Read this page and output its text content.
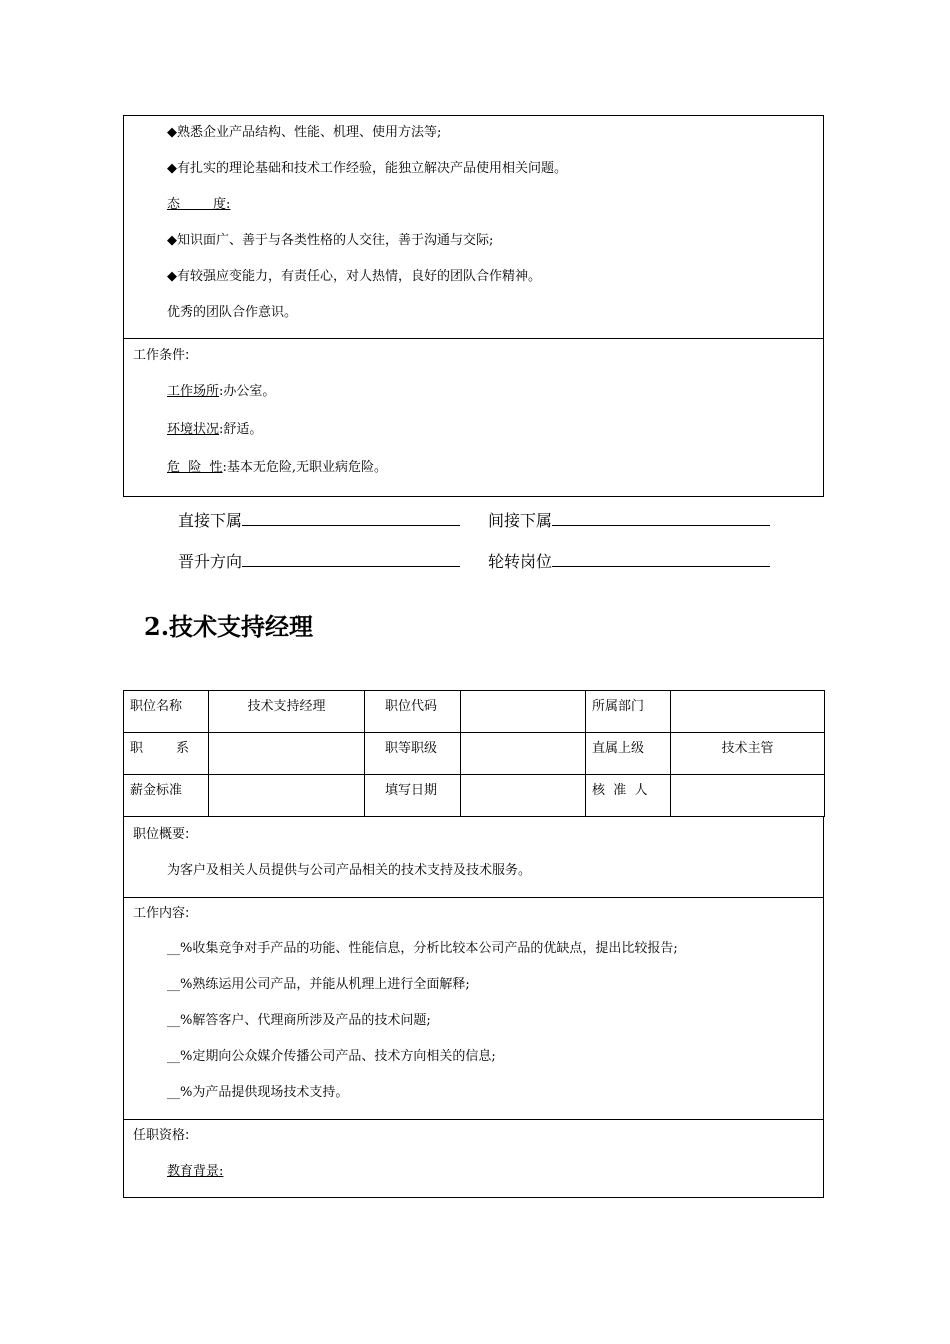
◆熟悉企业产品结构、性能、机理、使用方法等;
◆有扎实的理论基础和技术工作经验，能独立解决产品使用相关问题。
态        度:
◆知识面广、善于与各类性格的人交往，善于沟通与交际;
◆有较强应变能力，有责任心，对人热情，良好的团队合作精神。
优秀的团队合作意识。
工作条件:
工作场所:办公室。
环境状况:舒适。
危  险  性:基本无危险,无职业病危险。
直接下属	间接下属
晋升方向	轮转岗位
2.技术支持经理
职位名称	技术支持经理	职位代码		所属部门	
职        系		职等职级		直属上级	技术主管
薪金标准		填写日期		核  准  人	
职位概要:
为客户及相关人员提供与公司产品相关的技术支持及技术服务。
工作内容:
__%收集竞争对手产品的功能、性能信息，分析比较本公司产品的优缺点，提出比较报告;
__%熟练运用公司产品，并能从机理上进行全面解释;
__%解答客户、代理商所涉及产品的技术问题;
__%定期向公众媒介传播公司产品、技术方向相关的信息;
__%为产品提供现场技术支持。
任职资格:
教育背景:
